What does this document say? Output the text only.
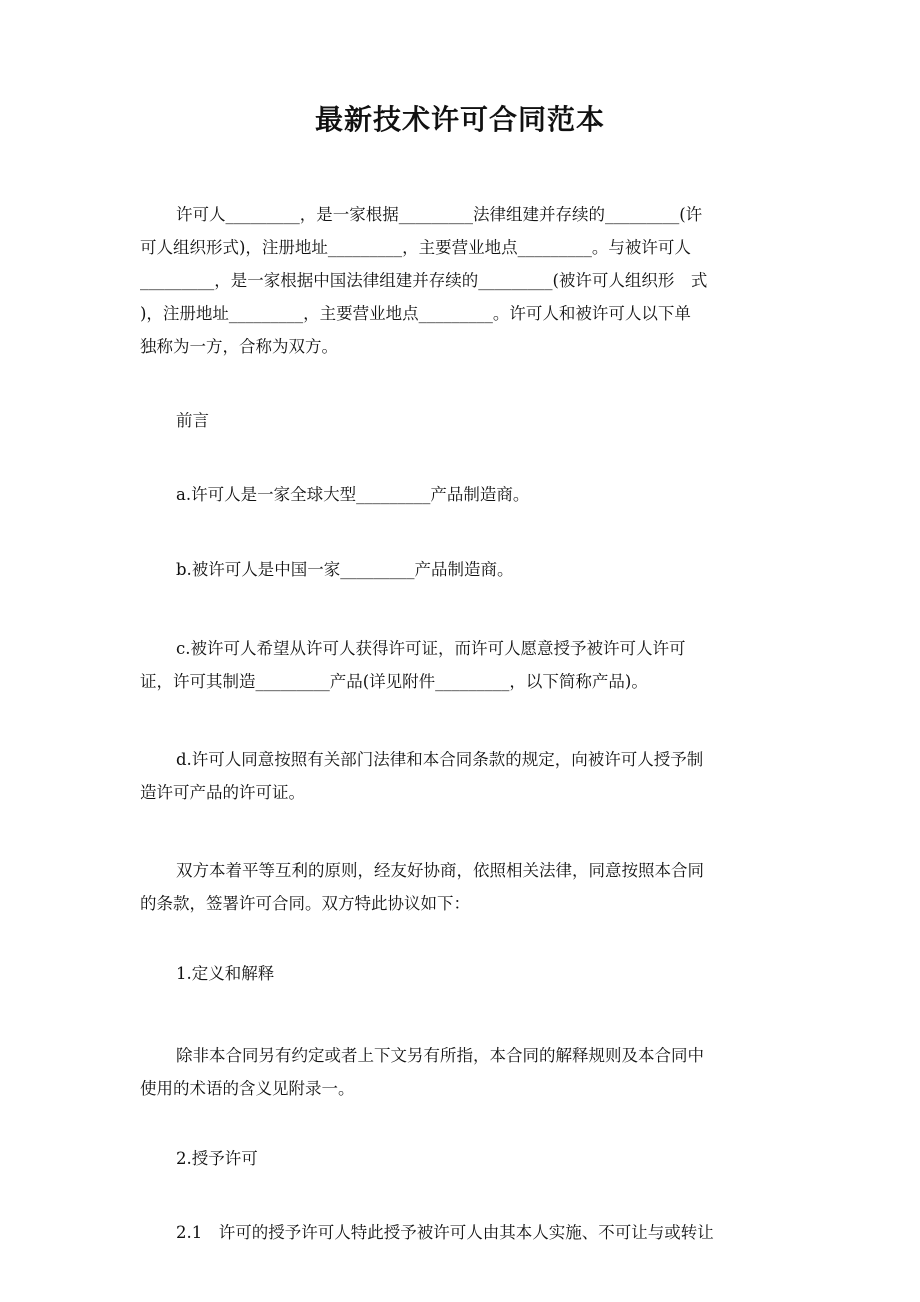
最新技术许可合同范本
许可人_________，是一家根据_________法律组建并存续的_________(许
可人组织形式)，注册地址_________，主要营业地点_________。与被许可人
_________，是一家根据中国法律组建并存续的_________(被许可人组织形　式
)，注册地址_________，主要营业地点_________。许可人和被许可人以下单
独称为一方，合称为双方。
前言
a.许可人是一家全球大型_________产品制造商。
b.被许可人是中国一家_________产品制造商。
c.被许可人希望从许可人获得许可证，而许可人愿意授予被许可人许可
证，许可其制造_________产品(详见附件_________，以下简称产品)。
d.许可人同意按照有关部门法律和本合同条款的规定，向被许可人授予制
造许可产品的许可证。
双方本着平等互利的原则，经友好协商，依照相关法律，同意按照本合同
的条款，签署许可合同。双方特此协议如下：
1.定义和解释
除非本合同另有约定或者上下文另有所指，本合同的解释规则及本合同中
使用的术语的含义见附录一。
2.授予许可
2.1　许可的授予许可人特此授予被许可人由其本人实施、不可让与或转让
